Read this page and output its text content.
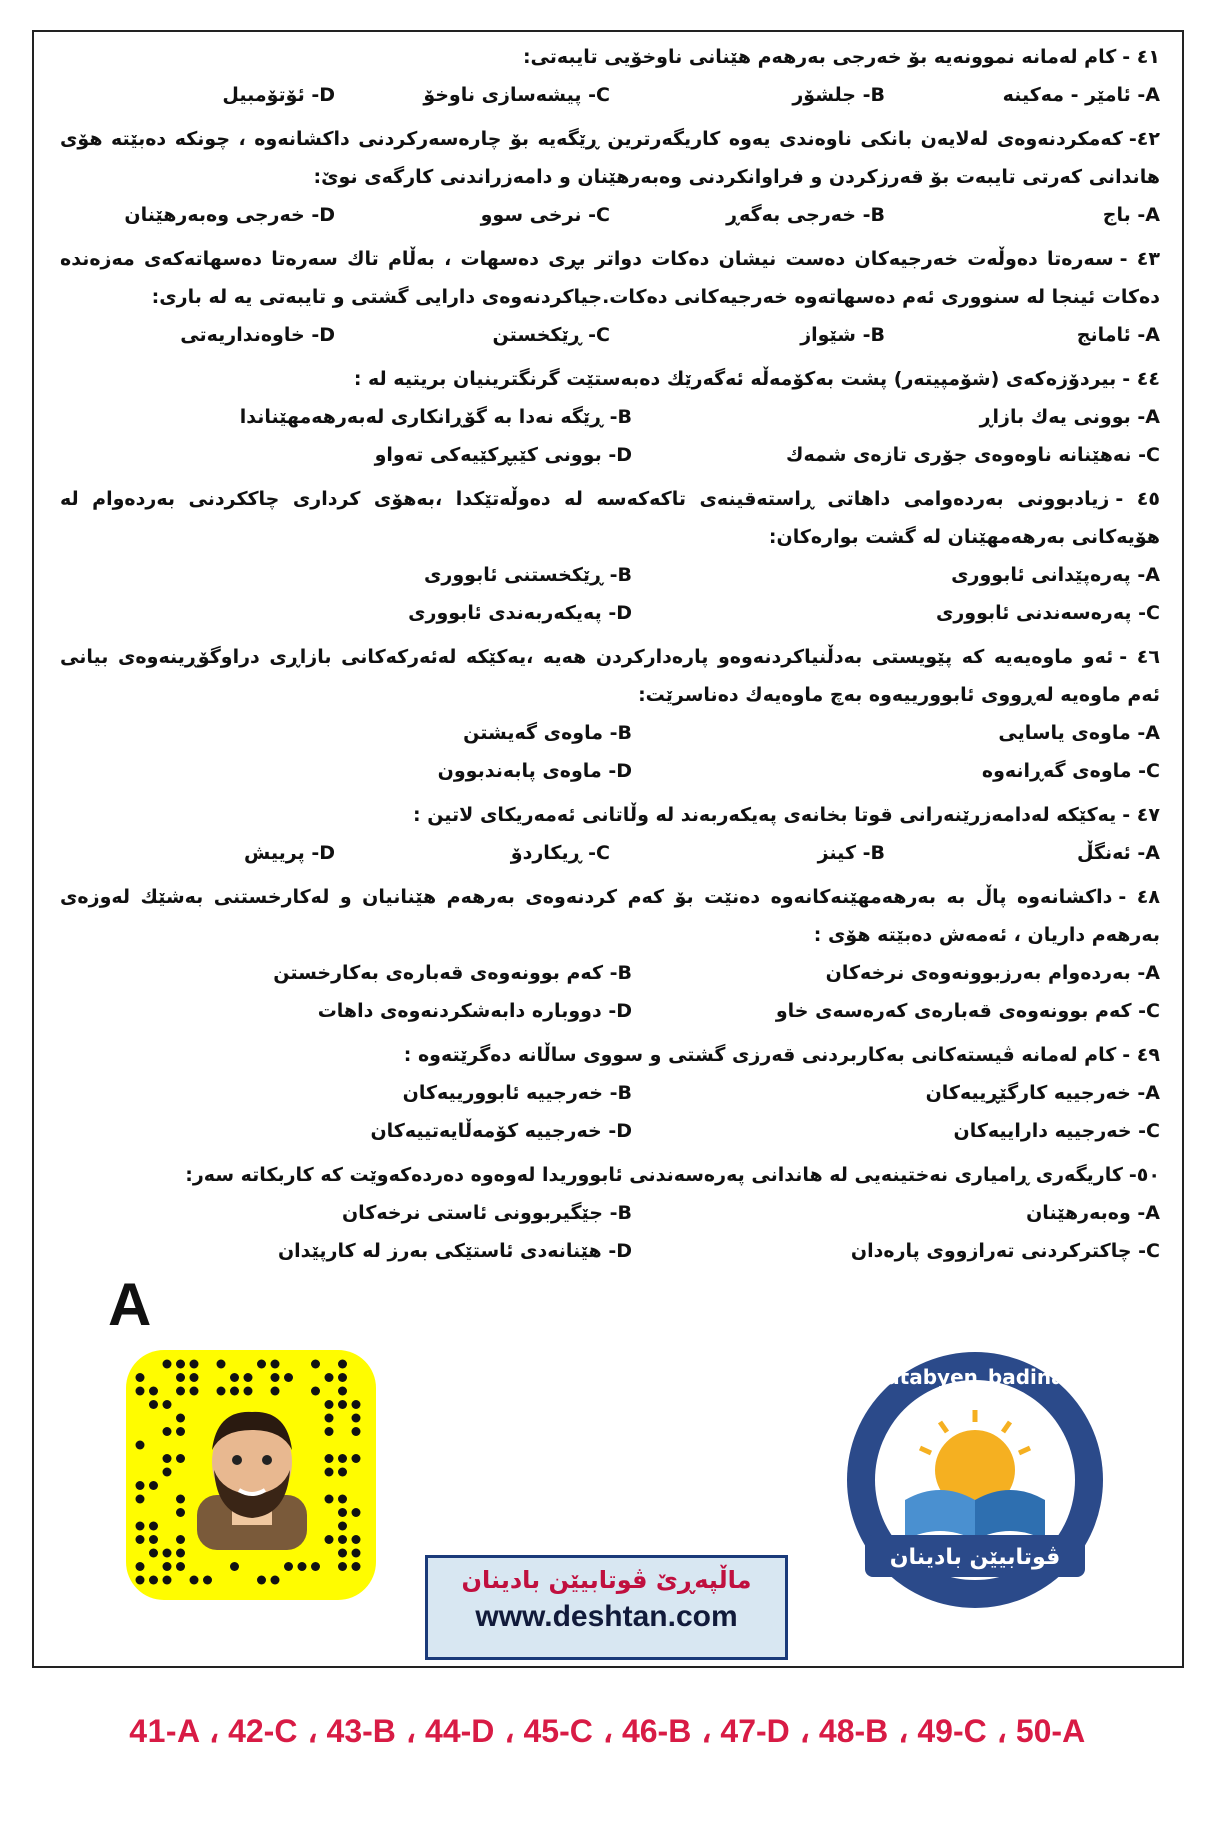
٤١ -كام لەمانە نموونەیە بۆ خەرجی بەرهەم هێنانی ناوخۆیی تايبەتی:
A- ئامێر - مەكینە
B- جلشۆر
C- پیشەسازی ناوخۆ
D- ئۆتۆمبیل
٤٢-كەمكردنەوەی لەلایەن بانكی ناوەندی یەوە كاریگەرترین ڕێگەیە بۆ چارەسەركردنی داكشانەوە ، چونكە دەبێتە هۆی هاندانی كەرتی تایبەت بۆ قەرزكردن و فراوانكردنی وەبەرهێنان و دامەزراندنی كارگەی نوێ:
A- باج
B- خەرجی بەگەڕ
C- نرخی سوو
D- خەرجی وەبەرهێنان
٤٣ -سەرەتا دەوڵەت خەرجیەكان دەست نیشان دەكات دواتر بڕی دەسهات ، بەڵام تاك سەرەتا دەسهاتەكەی مەزەندە دەكات ئینجا لە سنووری ئەم دەسهاتەوە خەرجیەكانی دەكات.جیاكردنەوەی دارایی گشتی و تایبەتی یە لە باری:
A- ئامانج
B- شێواز
C- ڕێکخستن
D- خاوەنداریەتی
٤٤ -بیردۆزەكەی (شۆمپیتەر) پشت بەكۆمەڵە ئەگەرێك دەبەستێت گرنگترینیان بریتیە لە :
A- بوونی یەك بازاڕ
B- ڕێگە نەدا بە گۆڕانكاری لەبەرهەمهێناندا
C- نەهێنانە ناوەوەی جۆری تازەی شمەك
D- بوونی كێبڕكێیەكی تەواو
٤٥ -زیادبوونی بەردەوامی داهاتی ڕاستەقینەی تاكەكەسە لە دەوڵەتێكدا ،بەهۆی كرداری چاككردنی بەردەوام لە هۆیەكانی بەرهەمهێنان لە گشت بوارەكان:
A- پەرەپێدانی ئابووری
B- ڕێكخستنی ئابووری
C- پەرەسەندنی ئابووری
D- پەیكەربەندی ئابووری
٤٦ -ئەو ماوەیەیە كە پێویستی بەدڵنیاكردنەوەو پارەداركردن هەیە ،یەكێكە لەئەركەكانی بازاڕی دراوگۆڕینەوەی بیانی ئەم ماوەیە لەڕووی ئابوورییەوە بەچ ماوەیەك دەناسرێت:
A- ماوەی یاسایی
B- ماوەی گەیشتن
C- ماوەی گەڕانەوە
D- ماوەی پابەندبوون
٤٧ -یەكێكە لەدامەزرێنەرانی قوتا بخانەی پەیكەربەند لە وڵاتانی ئەمەریكای لاتین :
A- ئەنگڵ
B- كینز
C- ڕیكاردۆ
D- پرییش
٤٨ -داكشانەوە پاڵ بە بەرهەمهێنەكانەوە دەنێت بۆ كەم كردنەوەی بەرهەم هێنانیان و لەكارخستنی بەشێك لەوزەی بەرهەم داریان ، ئەمەش دەبێتە هۆی :
A- بەردەوام بەرزبوونەوەی نرخەكان
B- كەم بوونەوەی قەبارەی بەكارخستن
C- كەم بوونەوەی قەبارەی كەرەسەی خاو
D- دووبارە دابەشكردنەوەی داهات
٤٩ -كام لەمانە ڤیستەكانی بەكاربردنی قەرزی گشتی و سووی ساڵانە دەگرێتەوە :
A- خەرجییە كارگێڕییەكان
B- خەرجییە ئابوورییەكان
C- خەرجییە داراییەكان
D- خەرجییە كۆمەڵایەتییەكان
٥٠-كاریگەری ڕامیاری نەختینەیی لە هاندانی پەرەسەندنی ئابووریدا لەوەوە دەردەكەوێت كە كاربكاتە سەر:
A- وەبەرهێنان
B- جێگیربوونی ئاستی نرخەكان
C- چاكتركردنی تەرازووی پارەدان
D- هێنانەدی ئاستێكی بەرز لە كارپێدان
A
ماڵپەڕێ ڤوتابیێن بادینان
www.deshtan.com
qutabyen_badinan
ڤوتابیێن بادینان
41-A ، 42-C ، 43-B ، 44-D ، 45-C ، 46-B ، 47-D ، 48-B ، 49-C ، 50-A
